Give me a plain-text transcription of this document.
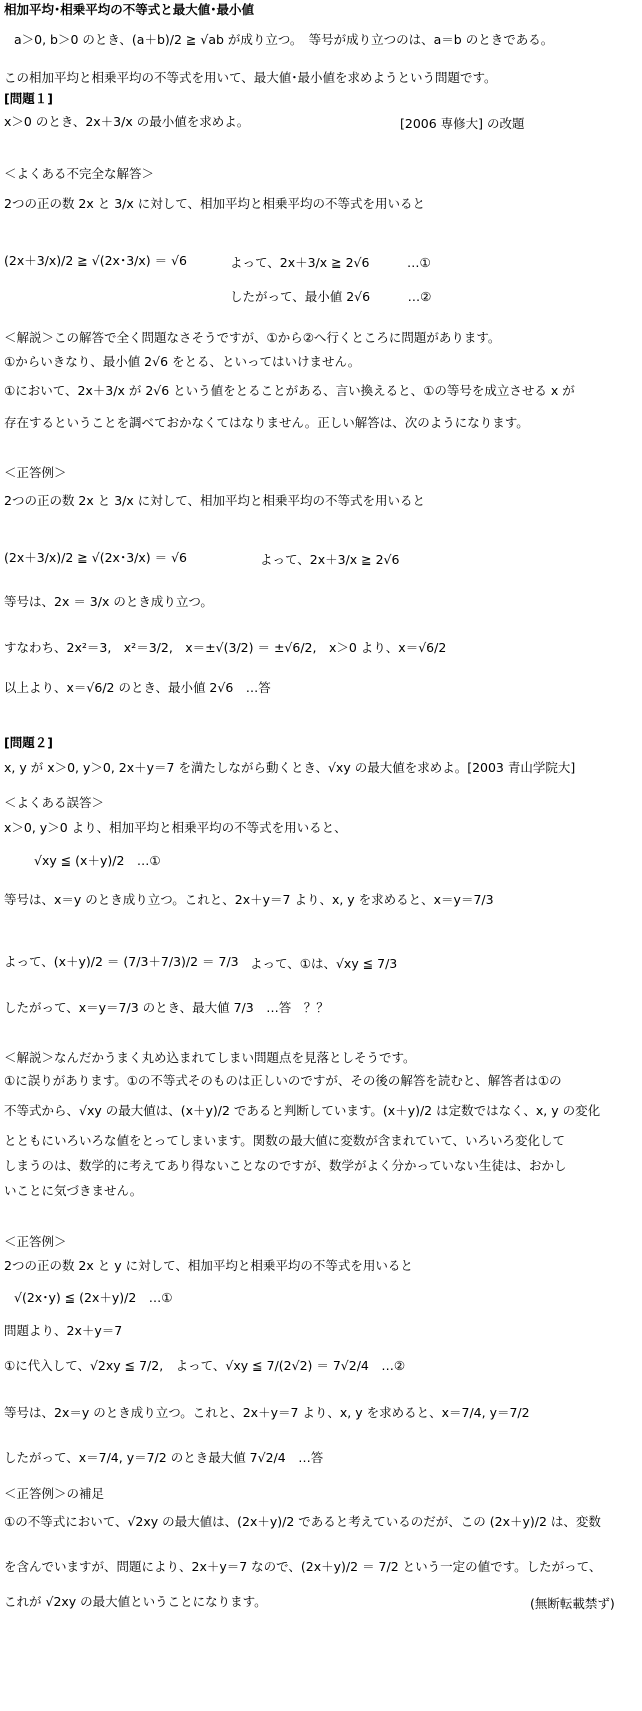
相加平均･相乗平均の不等式と最大値･最小値
a＞0, b＞0 のとき、(a＋b)/2 ≧ √ab が成り立つ。　等号が成り立つのは、a＝b のときである。
この相加平均と相乗平均の不等式を用いて、最大値･最小値を求めようという問題です。
[問題１]
x＞0 のとき、2x＋3/x の最小値を求めよ。	[2006 専修大] の改題
＜よくある不完全な解答＞
2つの正の数 2x と 3/x に対して、相加平均と相乗平均の不等式を用いると
(2x＋3/x)/2 ≧ √(2x･3/x) ＝ √6	よって、2x＋3/x ≧ 2√6　　　…①
したがって、最小値 2√6　　　…②
＜解説＞この解答で全く問題なさそうですが、①から②へ行くところに問題があります。
①からいきなり、最小値 2√6 をとる、といってはいけません。
①において、2x＋3/x が 2√6 という値をとることがある、言い換えると、①の等号を成立させる x が
存在するということを調べておかなくてはなりません。正しい解答は、次のようになります。
＜正答例＞
2つの正の数 2x と 3/x に対して、相加平均と相乗平均の不等式を用いると
(2x＋3/x)/2 ≧ √(2x･3/x) ＝ √6	よって、2x＋3/x ≧ 2√6
等号は、2x ＝ 3/x のとき成り立つ。
すなわち、2x²＝3,　x²＝3/2,　x＝±√(3/2) ＝ ±√6/2,　x＞0 より、x＝√6/2
以上より、x＝√6/2 のとき、最小値 2√6　…答
[問題２]
x, y が x＞0, y＞0, 2x＋y＝7 を満たしながら動くとき、√xy の最大値を求めよ。[2003 青山学院大]
＜よくある誤答＞
x＞0, y＞0 より、相加平均と相乗平均の不等式を用いると、
√xy ≦ (x＋y)/2　…①
等号は、x＝y のとき成り立つ。これと、2x＋y＝7 より、x, y を求めると、x＝y＝7/3
よって、(x＋y)/2 ＝ (7/3＋7/3)/2 ＝ 7/3 よって、①は、√xy ≦ 7/3
したがって、x＝y＝7/3 のとき、最大値 7/3　…答　？？
＜解説＞なんだかうまく丸め込まれてしまい問題点を見落としそうです。
①に誤りがあります。①の不等式そのものは正しいのですが、その後の解答を読むと、解答者は①の
不等式から、√xy の最大値は、(x＋y)/2 であると判断しています。(x＋y)/2 は定数ではなく、x, y の変化
とともにいろいろな値をとってしまいます。関数の最大値に変数が含まれていて、いろいろ変化して
しまうのは、数学的に考えてあり得ないことなのですが、数学がよく分かっていない生徒は、おかし
いことに気づきません。
＜正答例＞
2つの正の数 2x と y に対して、相加平均と相乗平均の不等式を用いると
√(2x･y) ≦ (2x＋y)/2　…①
問題より、2x＋y＝7
①に代入して、√2xy ≦ 7/2,　よって、√xy ≦ 7/(2√2) ＝ 7√2/4　…②
等号は、2x＝y のとき成り立つ。これと、2x＋y＝7 より、x, y を求めると、x＝7/4, y＝7/2
したがって、x＝7/4, y＝7/2 のとき最大値 7√2/4　…答
＜正答例＞の補足
①の不等式において、√2xy の最大値は、(2x＋y)/2 であると考えているのだが、この (2x＋y)/2 は、変数
を含んでいますが、問題により、2x＋y＝7 なので、(2x＋y)/2 ＝ 7/2 という一定の値です。したがって、
これが √2xy の最大値ということになります。	(無断転載禁ず)
